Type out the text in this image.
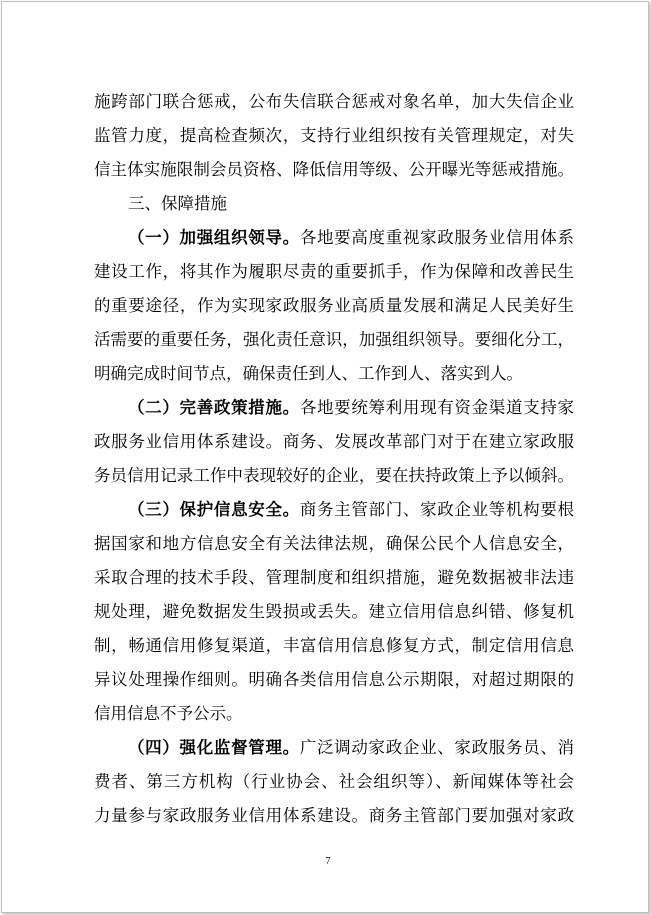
施跨部门联合惩戒，公布失信联合惩戒对象名单，加大失信企业
监管力度，提高检查频次，支持行业组织按有关管理规定，对失
信主体实施限制会员资格、降低信用等级、公开曝光等惩戒措施。
三、保障措施
（一）加强组织领导。各地要高度重视家政服务业信用体系
建设工作，将其作为履职尽责的重要抓手，作为保障和改善民生
的重要途径，作为实现家政服务业高质量发展和满足人民美好生
活需要的重要任务，强化责任意识，加强组织领导。要细化分工，
明确完成时间节点，确保责任到人、工作到人、落实到人。
（二）完善政策措施。各地要统筹利用现有资金渠道支持家
政服务业信用体系建设。商务、发展改革部门对于在建立家政服
务员信用记录工作中表现较好的企业，要在扶持政策上予以倾斜。
（三）保护信息安全。商务主管部门、家政企业等机构要根
据国家和地方信息安全有关法律法规，确保公民个人信息安全，
采取合理的技术手段、管理制度和组织措施，避免数据被非法违
规处理，避免数据发生毁损或丢失。建立信用信息纠错、修复机
制，畅通信用修复渠道，丰富信用信息修复方式，制定信用信息
异议处理操作细则。明确各类信用信息公示期限，对超过期限的
信用信息不予公示。
（四）强化监督管理。广泛调动家政企业、家政服务员、消
费者、第三方机构（行业协会、社会组织等）、新闻媒体等社会
力量参与家政服务业信用体系建设。商务主管部门要加强对家政
7
